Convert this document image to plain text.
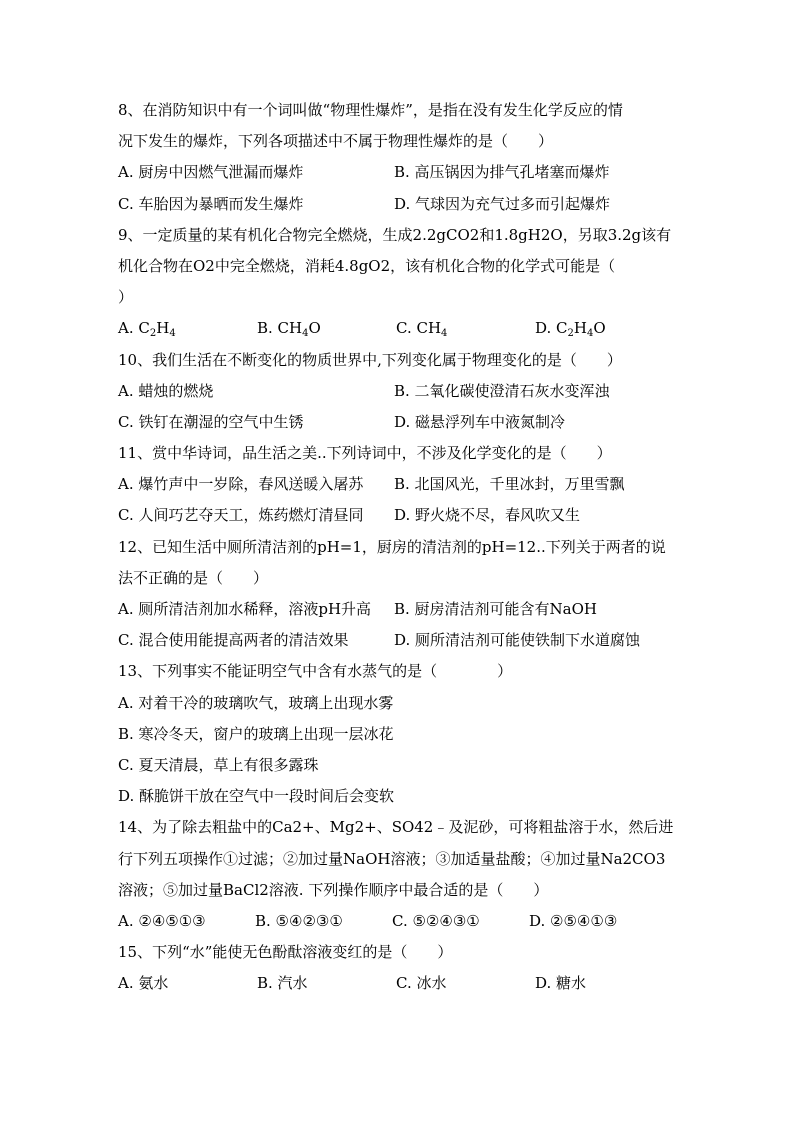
8、在消防知识中有一个词叫做“物理性爆炸”，是指在没有发生化学反应的情
况下发生的爆炸，下列各项描述中不属于物理性爆炸的是（　　）
A. 厨房中因燃气泄漏而爆炸	B. 高压锅因为排气孔堵塞而爆炸
C. 车胎因为暴晒而发生爆炸	D. 气球因为充气过多而引起爆炸
9、一定质量的某有机化合物完全燃烧，生成2.2gCO2和1.8gH2O，另取3.2g该有
机化合物在O2中完全燃烧，消耗4.8gO2，该有机化合物的化学式可能是（
）
A. $C_2H_4$	B. $CH_4O$	C. $CH_4$	D. $C_2H_4O$
10、我们生活在不断变化的物质世界中,下列变化属于物理变化的是（　　）
A. 蜡烛的燃烧	B. 二氧化碳使澄清石灰水变浑浊
C. 铁钉在潮湿的空气中生锈	D. 磁悬浮列车中液氮制冷
11、赏中华诗词，品生活之美..下列诗词中，不涉及化学变化的是（　　）
A. 爆竹声中一岁除，春风送暖入屠苏	B. 北国风光，千里冰封，万里雪飘
C. 人间巧艺夺天工，炼药燃灯清昼同	D. 野火烧不尽，春风吹又生
12、已知生活中厕所清洁剂的pH=1，厨房的清洁剂的pH=12..下列关于两者的说
法不正确的是（　　）
A. 厕所清洁剂加水稀释，溶液pH升高	B. 厨房清洁剂可能含有NaOH
C. 混合使用能提高两者的清洁效果	D. 厕所清洁剂可能使铁制下水道腐蚀
13、下列事实不能证明空气中含有水蒸气的是（　　　　）
A. 对着干冷的玻璃吹气，玻璃上出现水雾
B. 寒冷冬天，窗户的玻璃上出现一层冰花
C. 夏天清晨，草上有很多露珠
D. 酥脆饼干放在空气中一段时间后会变软
14、为了除去粗盐中的Ca2+、Mg2+、SO42﹣及泥砂，可将粗盐溶于水，然后进
行下列五项操作①过滤；②加过量NaOH溶液；③加适量盐酸；④加过量Na2CO3
溶液；⑤加过量BaCl2溶液. 下列操作顺序中最合适的是（　　）
A. ②④⑤①③	B. ⑤④②③①	C. ⑤②④③①	D. ②⑤④①③
15、下列“水”能使无色酚酞溶液变红的是（　　）
A. 氨水	B. 汽水	C. 冰水	D. 糖水
